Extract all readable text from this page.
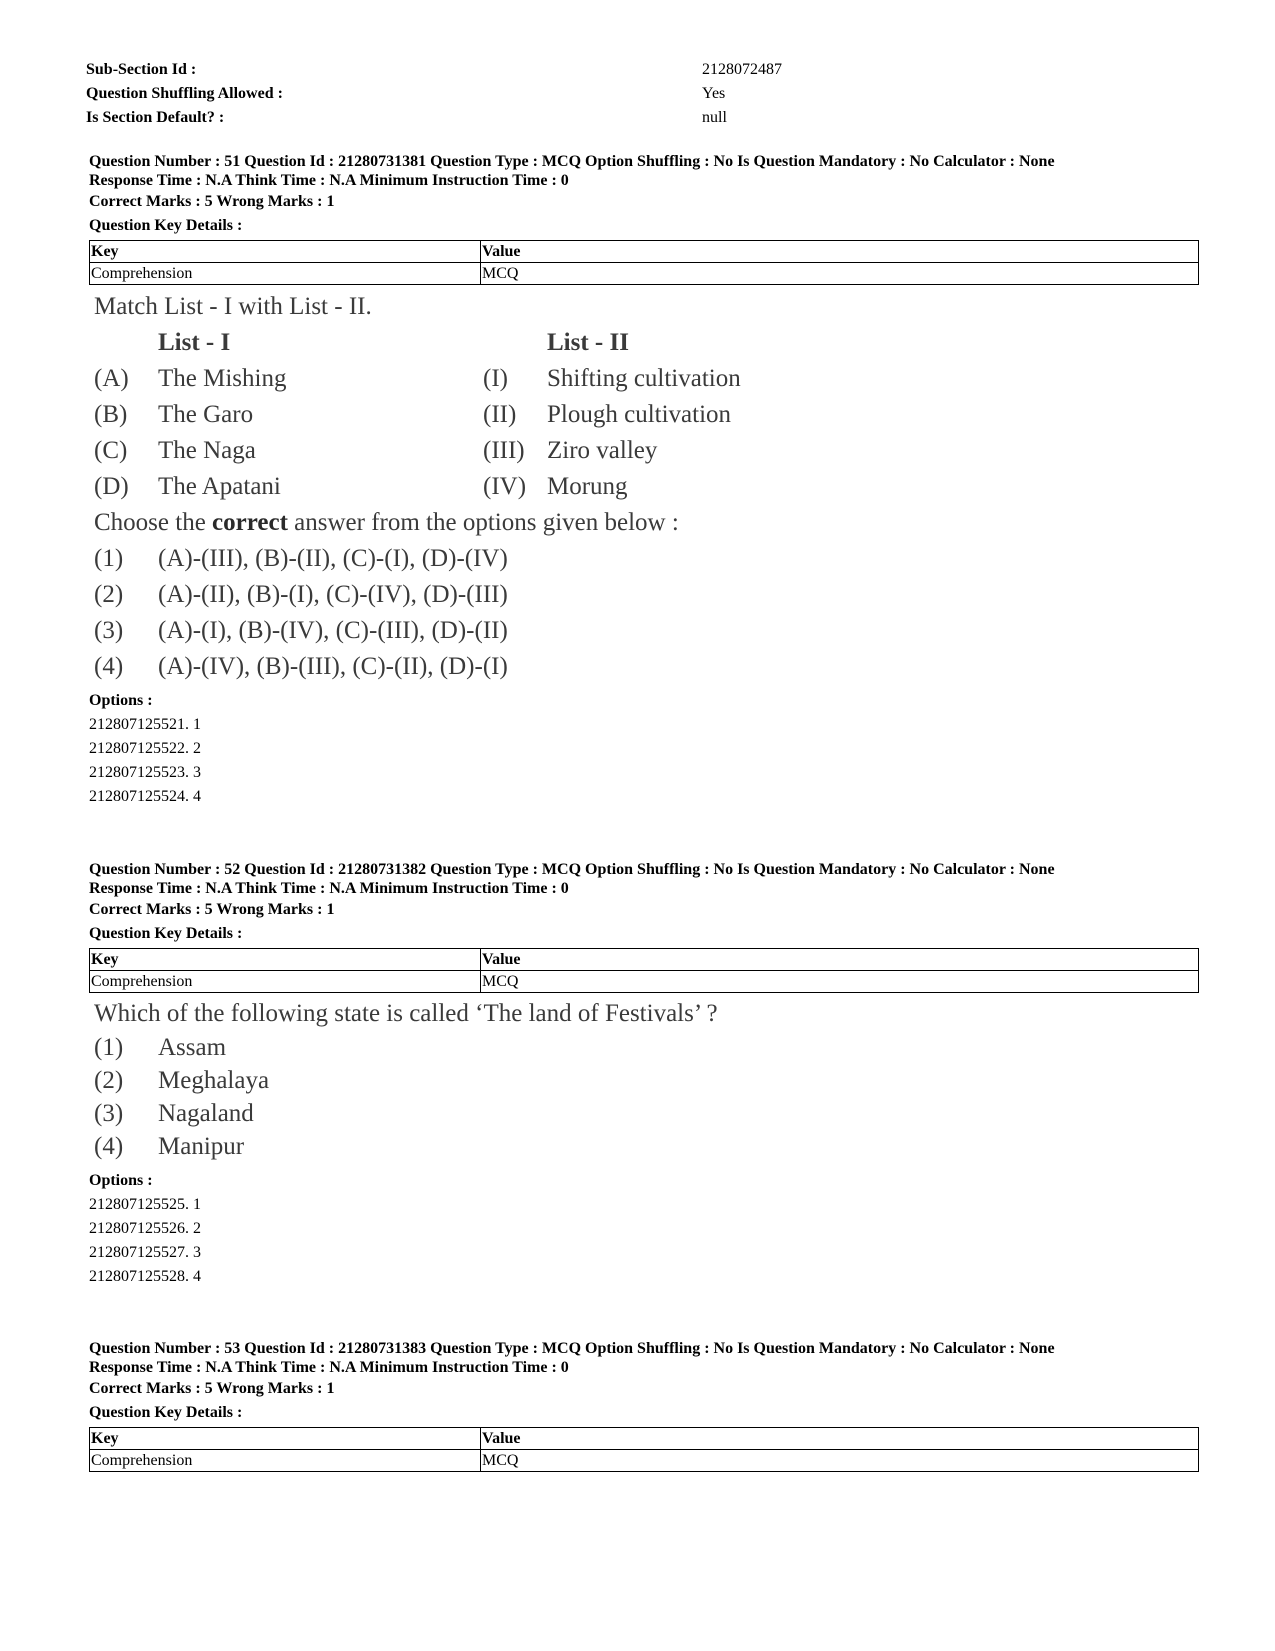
Sub-Section Id :	2128072487
Question Shuffling Allowed :	Yes
Is Section Default? :	null
Question Number : 51 Question Id : 21280731381 Question Type : MCQ Option Shuffling : No Is Question Mandatory : No Calculator : None
Response Time : N.A Think Time : N.A Minimum Instruction Time : 0
Correct Marks : 5 Wrong Marks : 1
Question Key Details :
Key	Value
Comprehension	MCQ
Match List - I with List - II.
List - I	List - II
(A)	The Mishing	(I)	Shifting cultivation
(B)	The Garo	(II)	Plough cultivation
(C)	The Naga	(III) Ziro valley
(D)	The Apatani	(IV) Morung
Choose the correct answer from the options given below :
(1)	(A)-(III), (B)-(II), (C)-(I), (D)-(IV)
(2)	(A)-(II), (B)-(I), (C)-(IV), (D)-(III)
(3)	(A)-(I), (B)-(IV), (C)-(III), (D)-(II)
(4)	(A)-(IV), (B)-(III), (C)-(II), (D)-(I)
Options :
212807125521. 1
212807125522. 2
212807125523. 3
212807125524. 4
Question Number : 52 Question Id : 21280731382 Question Type : MCQ Option Shuffling : No Is Question Mandatory : No Calculator : None
Response Time : N.A Think Time : N.A Minimum Instruction Time : 0
Correct Marks : 5 Wrong Marks : 1
Question Key Details :
Key	Value
Comprehension	MCQ
Which of the following state is called ‘The land of Festivals’ ?
(1)	Assam
(2)	Meghalaya
(3)	Nagaland
(4)	Manipur
Options :
212807125525. 1
212807125526. 2
212807125527. 3
212807125528. 4
Question Number : 53 Question Id : 21280731383 Question Type : MCQ Option Shuffling : No Is Question Mandatory : No Calculator : None
Response Time : N.A Think Time : N.A Minimum Instruction Time : 0
Correct Marks : 5 Wrong Marks : 1
Question Key Details :
Key	Value
Comprehension	MCQ
